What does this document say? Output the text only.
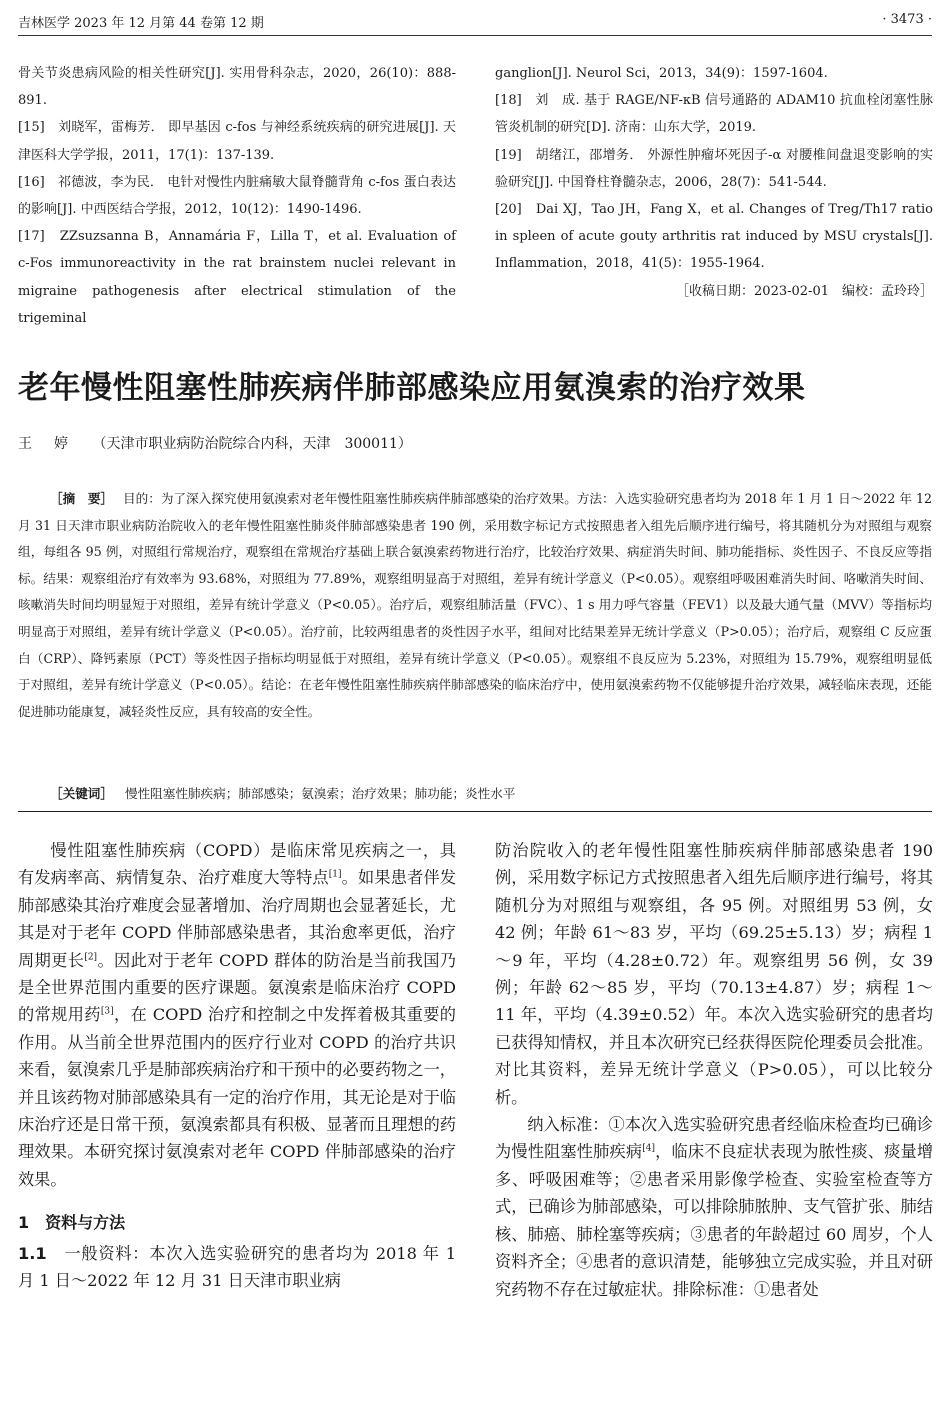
吉林医学 2023 年 12 月第 44 卷第 12 期	· 3473 ·
骨关节炎患病风险的相关性研究[J]. 实用骨科杂志，2020，26(10)：888-891.
[15]　 刘晓军，雷梅芳． 即早基因 c-fos 与神经系统疾病的研究进展[J]. 天津医科大学学报，2011，17(1)：137-139.
[16]　 祁德波，李为民． 电针对慢性内脏痛敏大鼠脊髓背角 c-fos 蛋白表达的影响[J]. 中西医结合学报，2012，10(12)：1490-1496.
[17]　 ZZsuzsanna B，Annamária F，Lilla T，et al. Evaluation of c-Fos immunoreactivity in the rat brainstem nuclei relevant in migraine pathogenesis after electrical stimulation of the trigeminal
ganglion[J]. Neurol Sci，2013，34(9)：1597-1604.
[18]　 刘　成. 基于 RAGE/NF-κB 信号通路的 ADAM10 抗血栓闭塞性脉管炎机制的研究[D]. 济南：山东大学，2019.
[19]　 胡绪江，邵增务． 外源性肿瘤坏死因子-α 对腰椎间盘退变影响的实验研究[J]. 中国脊柱脊髓杂志，2006，28(7)：541-544.
[20]　 Dai XJ，Tao JH，Fang X，et al. Changes of Treg/Th17 ratio in spleen of acute gouty arthritis rat induced by MSU crystals[J]. Inflammation，2018，41(5)：1955-1964.
［收稿日期：2023-02-01　编校：孟玲玲］
老年慢性阻塞性肺疾病伴肺部感染应用氨溴索的治疗效果
王　婷 （天津市职业病防治院综合内科，天津　300011）
［摘　要］ 目的：为了深入探究使用氨溴索对老年慢性阻塞性肺疾病伴肺部感染的治疗效果。方法：入选实验研究患者均为 2018 年 1 月 1 日～2022 年 12 月 31 日天津市职业病防治院收入的老年慢性阻塞性肺炎伴肺部感染患者 190 例，采用数字标记方式按照患者入组先后顺序进行编号，将其随机分为对照组与观察组，每组各 95 例，对照组行常规治疗，观察组在常规治疗基础上联合氨溴索药物进行治疗，比较治疗效果、病症消失时间、肺功能指标、炎性因子、不良反应等指标。结果：观察组治疗有效率为 93.68%，对照组为 77.89%，观察组明显高于对照组，差异有统计学意义（P<0.05）。观察组呼吸困难消失时间、咯嗽消失时间、咳嗽消失时间均明显短于对照组，差异有统计学意义（P<0.05）。治疗后，观察组肺活量（FVC）、1 s 用力呼气容量（FEV1）以及最大通气量（MVV）等指标均明显高于对照组，差异有统计学意义（P<0.05）。治疗前，比较两组患者的炎性因子水平，组间对比结果差异无统计学意义（P>0.05）；治疗后，观察组 C 反应蛋白（CRP）、降钙素原（PCT）等炎性因子指标均明显低于对照组，差异有统计学意义（P<0.05）。观察组不良反应为 5.23%，对照组为 15.79%，观察组明显低于对照组，差异有统计学意义（P<0.05）。结论：在老年慢性阻塞性肺疾病伴肺部感染的临床治疗中，使用氨溴索药物不仅能够提升治疗效果，减轻临床表现，还能促进肺功能康复，减轻炎性反应，具有较高的安全性。
［关键词］ 慢性阻塞性肺疾病；肺部感染；氨溴索；治疗效果；肺功能；炎性水平

慢性阻塞性肺疾病（COPD）是临床常见疾病之一，具有发病率高、病情复杂、治疗难度大等特点[1]。如果患者伴发肺部感染其治疗难度会显著增加、治疗周期也会显著延长，尤其是对于老年 COPD 伴肺部感染患者，其治愈率更低，治疗周期更长[2]。因此对于老年 COPD 群体的防治是当前我国乃是全世界范围内重要的医疗课题。氨溴索是临床治疗 COPD 的常规用药[3]，在 COPD 治疗和控制之中发挥着极其重要的作用。从当前全世界范围内的医疗行业对 COPD 的治疗共识来看，氨溴索几乎是肺部疾病治疗和干预中的必要药物之一，并且该药物对肺部感染具有一定的治疗作用，其无论是对于临床治疗还是日常干预，氨溴索都具有积极、显著而且理想的药理效果。本研究探讨氨溴索对老年 COPD 伴肺部感染的治疗效果。

1　资料与方法

1.1　一般资料：本次入选实验研究的患者均为 2018 年 1 月 1 日～2022 年 12 月 31 日天津市职业病

防治院收入的老年慢性阻塞性肺疾病伴肺部感染患者 190 例，采用数字标记方式按照患者入组先后顺序进行编号，将其随机分为对照组与观察组，各 95 例。对照组男 53 例，女 42 例；年龄 61～83 岁，平均（69.25±5.13）岁；病程 1～9 年，平均（4.28±0.72）年。观察组男 56 例，女 39 例；年龄 62～85 岁，平均（70.13±4.87）岁；病程 1～11 年，平均（4.39±0.52）年。本次入选实验研究的患者均已获得知情权，并且本次研究已经获得医院伦理委员会批准。对比其资料，差异无统计学意义（P>0.05），可以比较分析。

纳入标准：①本次入选实验研究患者经临床检查均已确诊为慢性阻塞性肺疾病[4]，临床不良症状表现为脓性痰、痰量增多、呼吸困难等；②患者采用影像学检查、实验室检查等方式，已确诊为肺部感染，可以排除肺脓肿、支气管扩张、肺结核、肺癌、肺栓塞等疾病；③患者的年龄超过 60 周岁，个人资料齐全；④患者的意识清楚，能够独立完成实验，并且对研究药物不存在过敏症状。排除标准：①患者处
